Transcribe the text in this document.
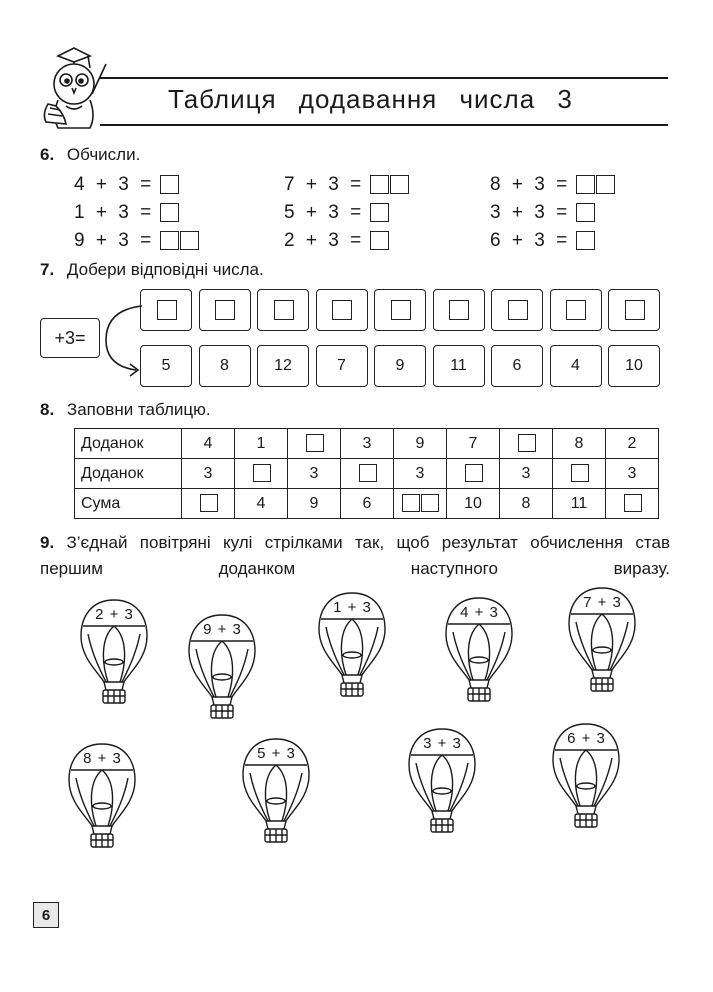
Таблиця додавання числа 3
6. Обчисли.
4 + 3 =	7 + 3 =	8 + 3 =
1 + 3 =	5 + 3 =	3 + 3 =
9 + 3 =	2 + 3 =	6 + 3 =
7. Добери відповідні числа.
+3=
5	8	12	7	9	11	6	4	10
8. Заповни таблицю.
Доданок	4	1		3	9	7		8	2
Доданок	3		3		3		3		3
Сума		4	9	6		10	8	11	
9. З’єднай повітряні кулі стрілками так, щоб результат обчислення став першим доданком наступного виразу.
2 + 3
9 + 3
1 + 3	4 + 3
7 + 3
8 + 3	5 + 3
3 + 3	6 + 3
6
